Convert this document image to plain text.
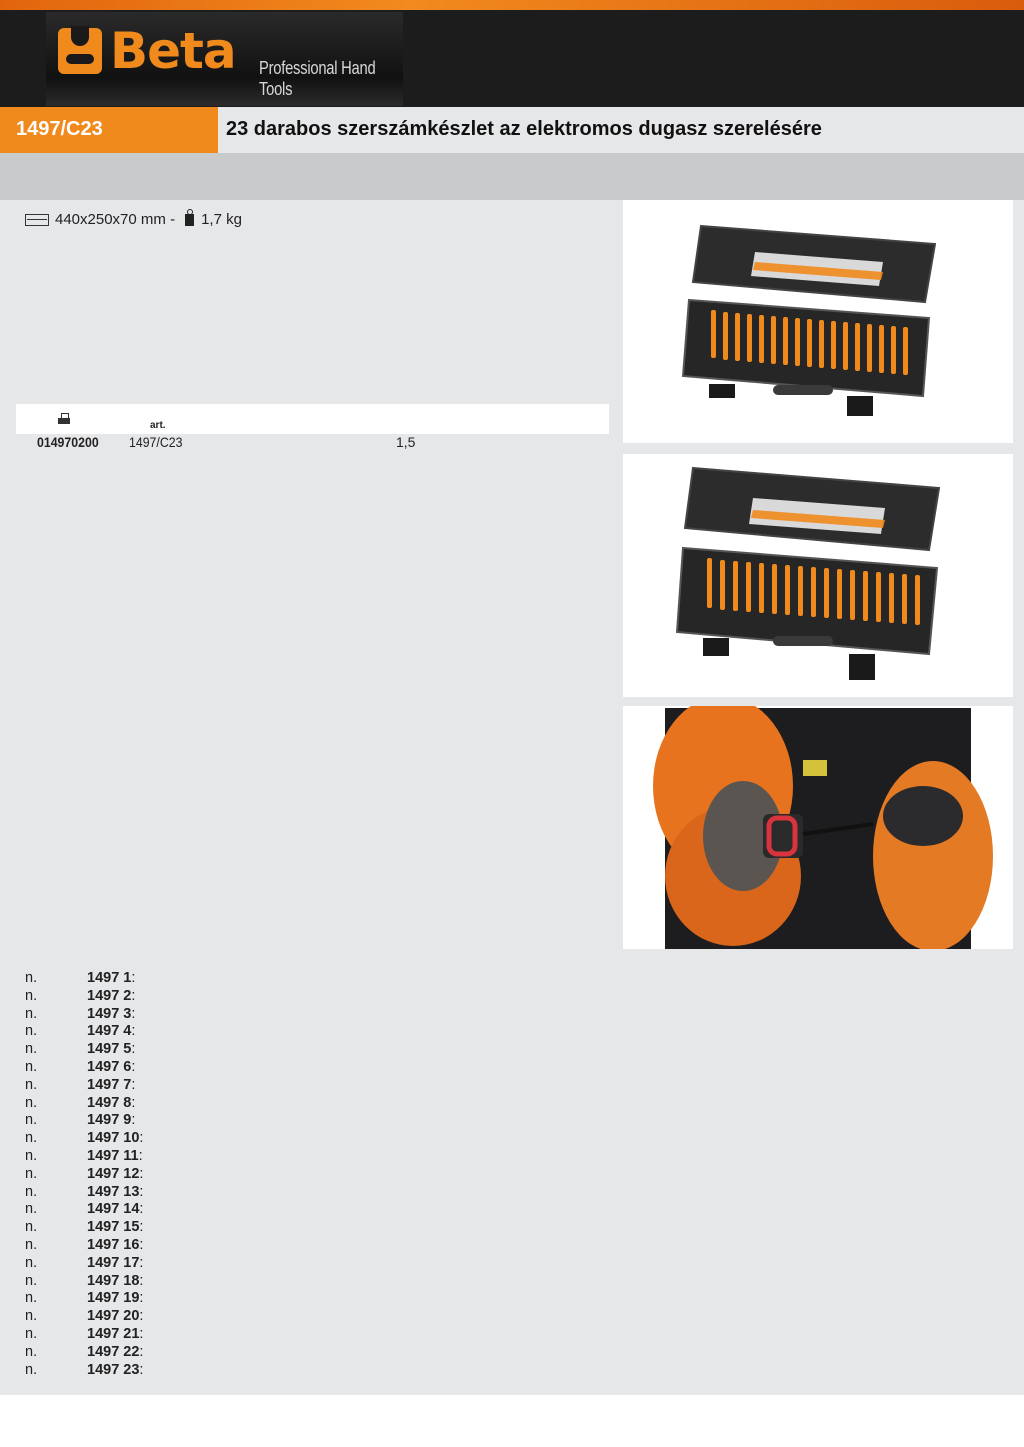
Beta Professional Hand Tools
1497/C23	23 darabos szerszámkészlet az elektromos dugasz szerelésére
440x250x70 mm - 1,7 kg
art.
014970200 1497/C23	1,5
n.	1497 1:
n.	1497 2:
n.	1497 3:
n.	1497 4:
n.	1497 5:
n.	1497 6:
n.	1497 7:
n.	1497 8:
n.	1497 9:
n.	1497 10:
n.	1497 11:
n.	1497 12:
n.	1497 13:
n.	1497 14:
n.	1497 15:
n.	1497 16:
n.	1497 17:
n.	1497 18:
n.	1497 19:
n.	1497 20:
n.	1497 21:
n.	1497 22:
n.	1497 23:
